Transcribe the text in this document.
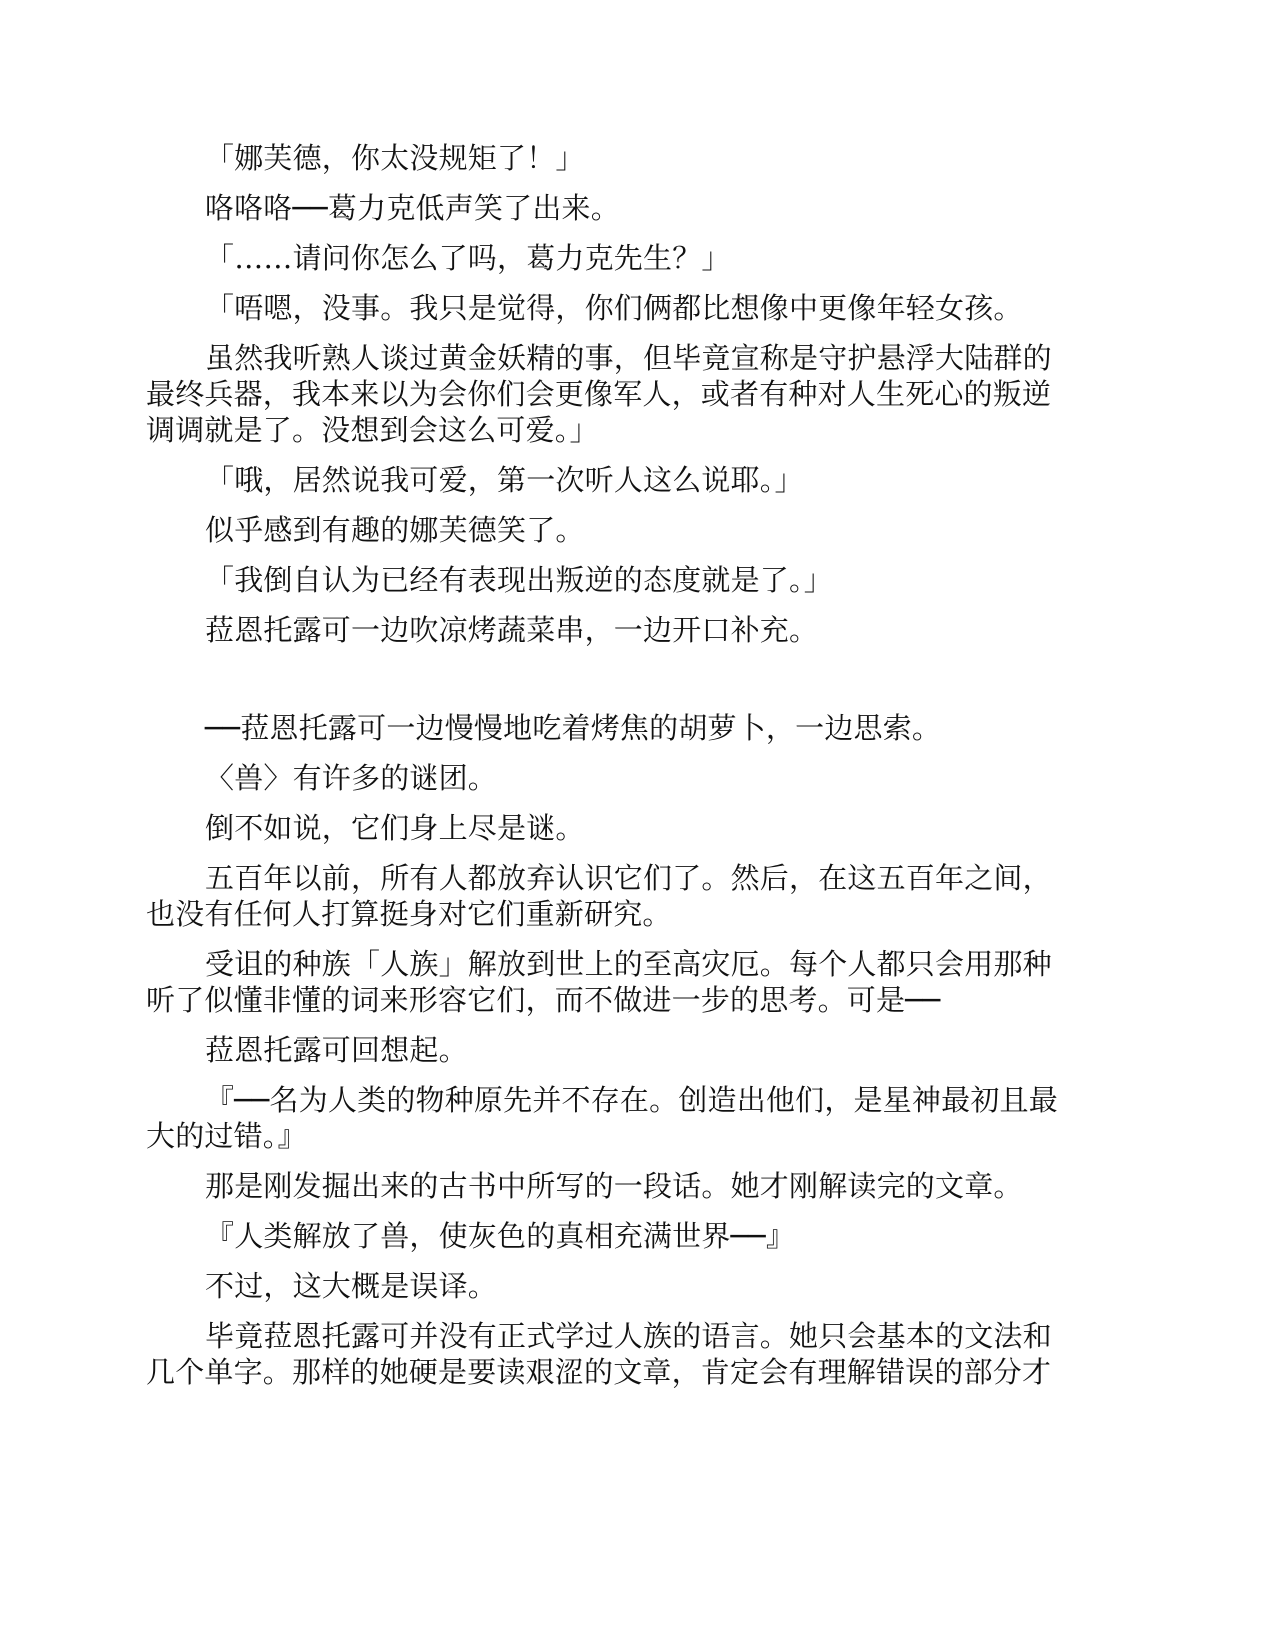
「娜芙德，你太没规矩了！」

咯咯咯──葛力克低声笑了出来。

「……请问你怎么了吗，葛力克先生？」

「唔嗯，没事。我只是觉得，你们俩都比想像中更像年轻女孩。

虽然我听熟人谈过黄金妖精的事，但毕竟宣称是守护悬浮大陆群的最终兵器，我本来以为会你们会更像军人，或者有种对人生死心的叛逆调调就是了。没想到会这么可爱。」

「哦，居然说我可爱，第一次听人这么说耶。」

似乎感到有趣的娜芙德笑了。

「我倒自认为已经有表现出叛逆的态度就是了。」

菈恩托露可一边吹凉烤蔬菜串，一边开口补充。

──菈恩托露可一边慢慢地吃着烤焦的胡萝卜，一边思索。

〈兽〉有许多的谜团。

倒不如说，它们身上尽是谜。

五百年以前，所有人都放弃认识它们了。然后，在这五百年之间，也没有任何人打算挺身对它们重新研究。

受诅的种族「人族」解放到世上的至高灾厄。每个人都只会用那种听了似懂非懂的词来形容它们，而不做进一步的思考。可是──

菈恩托露可回想起。

『──名为人类的物种原先并不存在。创造出他们，是星神最初且最大的过错。』

那是刚发掘出来的古书中所写的一段话。她才刚解读完的文章。

『人类解放了兽，使灰色的真相充满世界──』

不过，这大概是误译。

毕竟菈恩托露可并没有正式学过人族的语言。她只会基本的文法和几个单字。那样的她硬是要读艰涩的文章，肯定会有理解错误的部分才
